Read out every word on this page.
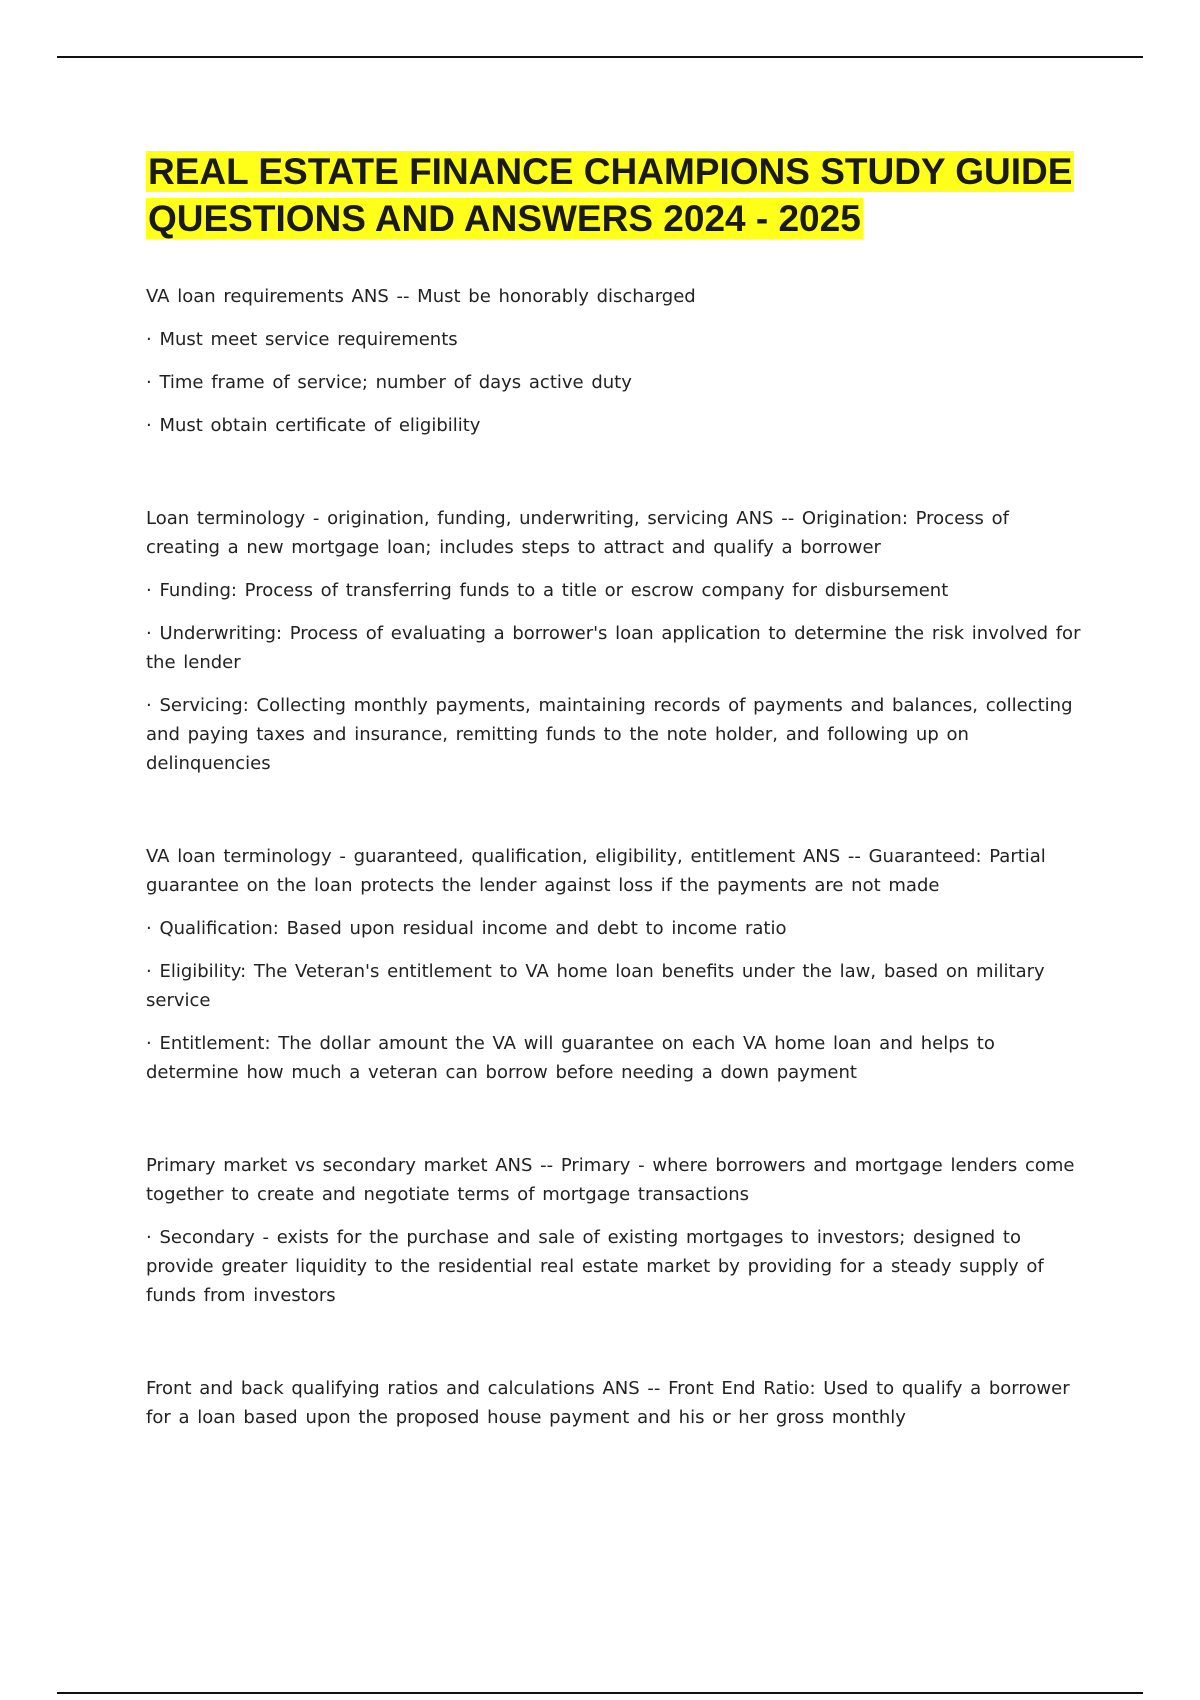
REAL ESTATE FINANCE CHAMPIONS STUDY GUIDE QUESTIONS AND ANSWERS 2024 - 2025

VA loan requirements ANS -- Must be honorably discharged

· Must meet service requirements

· Time frame of service; number of days active duty

· Must obtain certificate of eligibility

Loan terminology - origination, funding, underwriting, servicing ANS -- Origination: Process of creating a new mortgage loan; includes steps to attract and qualify a borrower

· Funding: Process of transferring funds to a title or escrow company for disbursement

· Underwriting: Process of evaluating a borrower's loan application to determine the risk involved for the lender

· Servicing: Collecting monthly payments, maintaining records of payments and balances, collecting and paying taxes and insurance, remitting funds to the note holder, and following up on delinquencies

VA loan terminology - guaranteed, qualification, eligibility, entitlement ANS -- Guaranteed: Partial guarantee on the loan protects the lender against loss if the payments are not made

· Qualification: Based upon residual income and debt to income ratio

· Eligibility: The Veteran's entitlement to VA home loan benefits under the law, based on military service

· Entitlement: The dollar amount the VA will guarantee on each VA home loan and helps to determine how much a veteran can borrow before needing a down payment

Primary market vs secondary market ANS -- Primary - where borrowers and mortgage lenders come together to create and negotiate terms of mortgage transactions

· Secondary - exists for the purchase and sale of existing mortgages to investors; designed to provide greater liquidity to the residential real estate market by providing for a steady supply of funds from investors

Front and back qualifying ratios and calculations ANS -- Front End Ratio: Used to qualify a borrower for a loan based upon the proposed house payment and his or her gross monthly
